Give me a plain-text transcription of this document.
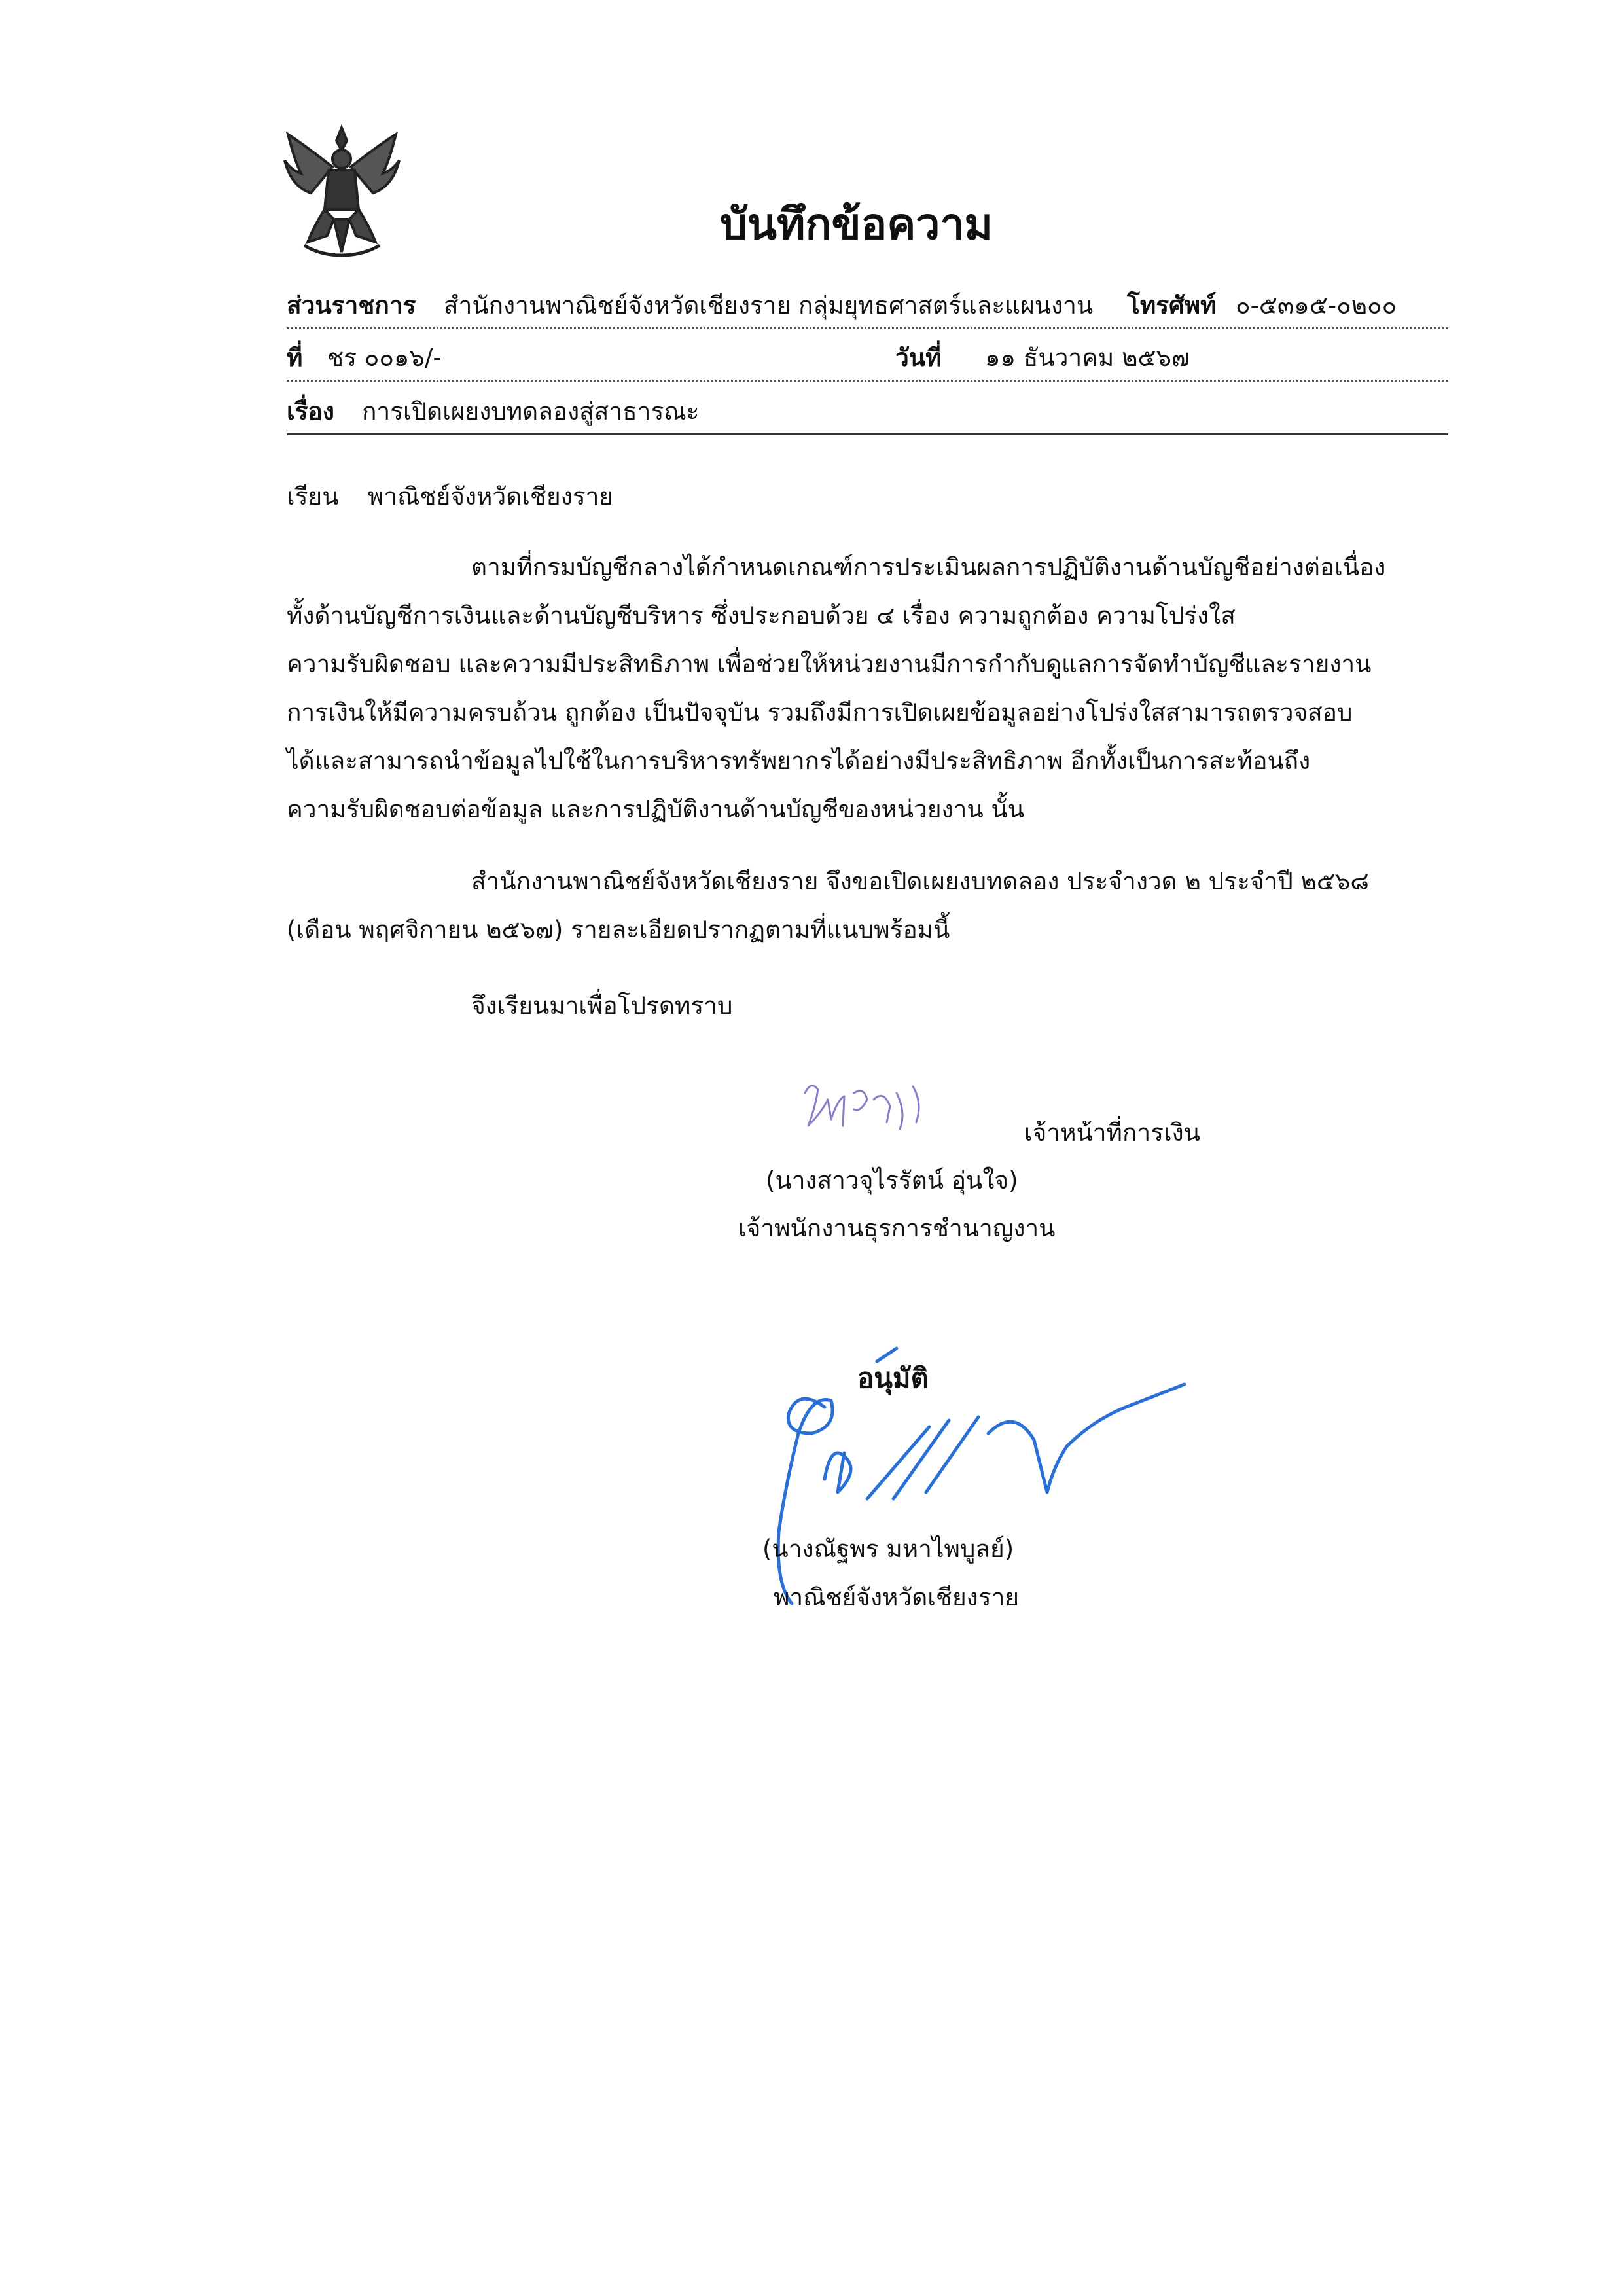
บันทึกข้อความ
ส่วนราชการ สำนักงานพาณิชย์จังหวัดเชียงราย กลุ่มยุทธศาสตร์และแผนงาน โทรศัพท์ ๐-๕๓๑๕-๐๒๐๐
ที่ ชร ๐๐๑๖/-	วันที่ ๑๑ ธันวาคม ๒๕๖๗
เรื่อง การเปิดเผยงบทดลองสู่สาธารณะ
เรียน พาณิชย์จังหวัดเชียงราย
ตามที่กรมบัญชีกลางได้กำหนดเกณฑ์การประเมินผลการปฏิบัติงานด้านบัญชีอย่างต่อเนื่อง
ทั้งด้านบัญชีการเงินและด้านบัญชีบริหาร ซึ่งประกอบด้วย ๔ เรื่อง ความถูกต้อง ความโปร่งใส
ความรับผิดชอบ และความมีประสิทธิภาพ เพื่อช่วยให้หน่วยงานมีการกำกับดูแลการจัดทำบัญชีและรายงาน
การเงินให้มีความครบถ้วน ถูกต้อง เป็นปัจจุบัน รวมถึงมีการเปิดเผยข้อมูลอย่างโปร่งใสสามารถตรวจสอบ
ได้และสามารถนำข้อมูลไปใช้ในการบริหารทรัพยากรได้อย่างมีประสิทธิภาพ อีกทั้งเป็นการสะท้อนถึง
ความรับผิดชอบต่อข้อมูล และการปฏิบัติงานด้านบัญชีของหน่วยงาน นั้น
สำนักงานพาณิชย์จังหวัดเชียงราย จึงขอเปิดเผยงบทดลอง ประจำงวด ๒ ประจำปี ๒๕๖๘
(เดือน พฤศจิกายน ๒๕๖๗) รายละเอียดปรากฏตามที่แนบพร้อมนี้
จึงเรียนมาเพื่อโปรดทราบ
เจ้าหน้าที่การเงิน
(นางสาวจุไรรัตน์ อุ่นใจ)
เจ้าพนักงานธุรการชำนาญงาน
อนุมัติ
(นางณัฐพร มหาไพบูลย์)
พาณิชย์จังหวัดเชียงราย
